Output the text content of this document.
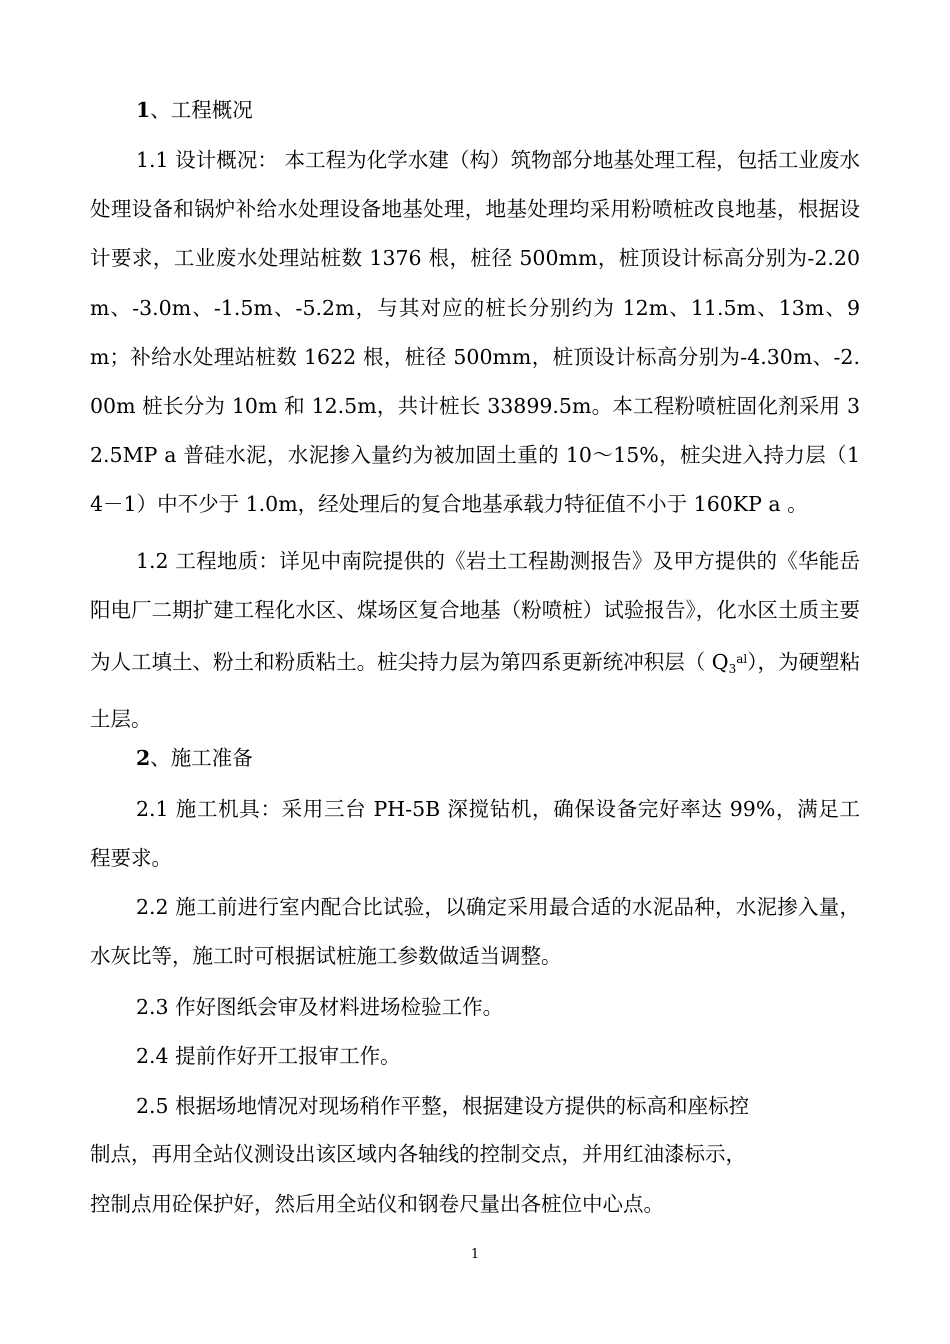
1、工程概况

1.1 设计概况： 本工程为化学水建（构）筑物部分地基处理工程，包括工业废水处理设备和锅炉补给水处理设备地基处理，地基处理均采用粉喷桩改良地基，根据设计要求，工业废水处理站桩数 1376 根，桩径 500mm，桩顶设计标高分别为-2.20m、-3.0m、-1.5m、-5.2m，与其对应的桩长分别约为 12m、11.5m、13m、9m；补给水处理站桩数 1622 根，桩径 500mm，桩顶设计标高分别为-4.30m、-2.00m 桩长分为 10m 和 12.5m，共计桩长 33899.5m。本工程粉喷桩固化剂采用 32.5MP a 普硅水泥，水泥掺入量约为被加固土重的 10～15%，桩尖进入持力层（14－1）中不少于 1.0m，经处理后的复合地基承载力特征值不小于 160KP a 。

1.2 工程地质：详见中南院提供的《岩土工程勘测报告》及甲方提供的《华能岳阳电厂二期扩建工程化水区、煤场区复合地基（粉喷桩）试验报告》，化水区土质主要为人工填土、粉土和粉质粘土。桩尖持力层为第四系更新统冲积层（ $Q_3^{al}$），为硬塑粘土层。

2、施工准备

2.1 施工机具：采用三台 PH-5B 深搅钻机，确保设备完好率达 99%，满足工程要求。

2.2 施工前进行室内配合比试验，以确定采用最合适的水泥品种，水泥掺入量，水灰比等，施工时可根据试桩施工参数做适当调整。

2.3 作好图纸会审及材料进场检验工作。

2.4 提前作好开工报审工作。

2.5 根据场地情况对现场稍作平整，根据建设方提供的标高和座标控

制点，再用全站仪测设出该区域内各轴线的控制交点，并用红油漆标示，

控制点用砼保护好，然后用全站仪和钢卷尺量出各桩位中心点。

1
